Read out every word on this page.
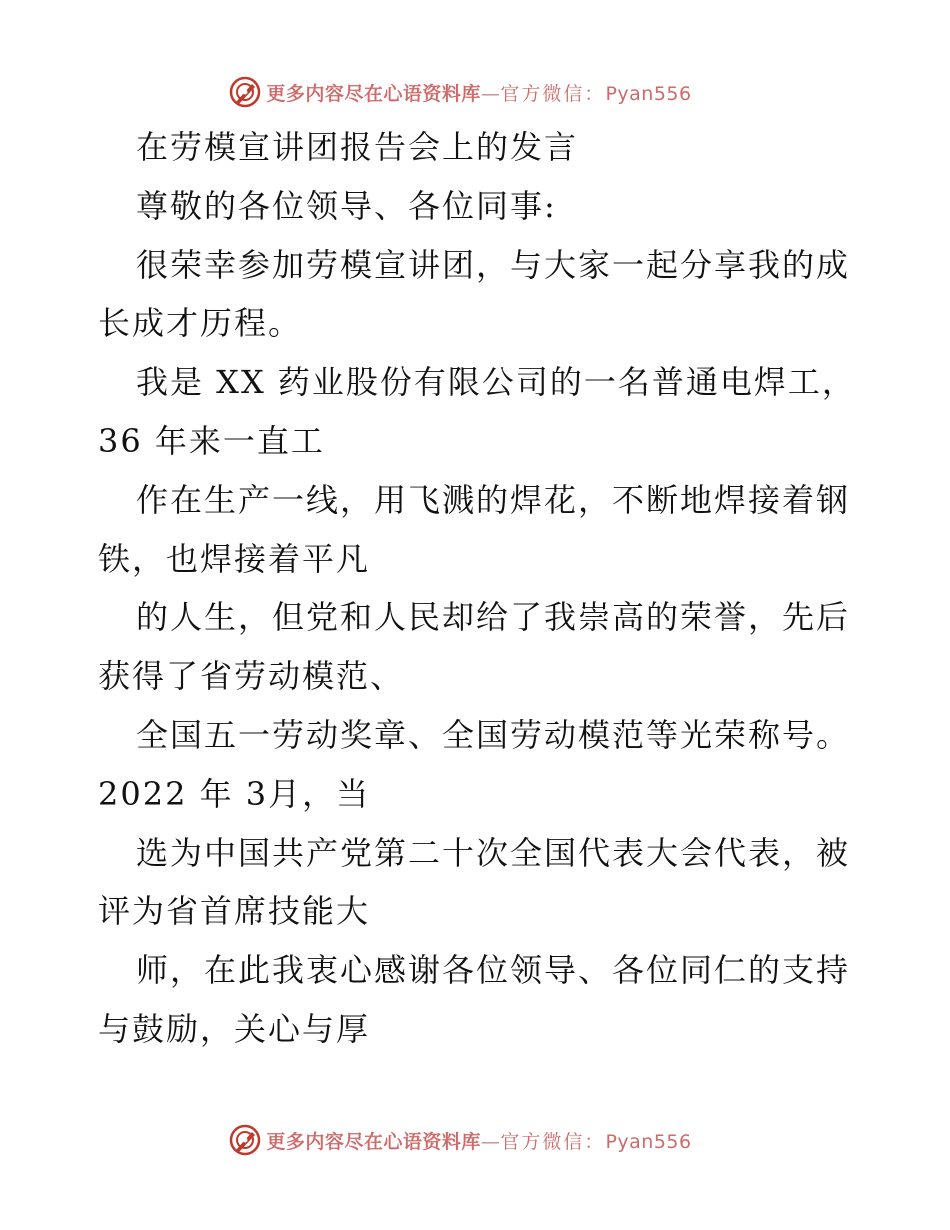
更多内容尽在心语资料库—官方微信：Pyan556
在劳模宣讲团报告会上的发言
尊敬的各位领导、各位同事:
很荣幸参加劳模宣讲团，与大家一起分享我的成
长成才历程。
我是 XX 药业股份有限公司的一名普通电焊工，
36 年来一直工
作在生产一线，用飞溅的焊花，不断地焊接着钢
铁，也焊接着平凡
的人生，但党和人民却给了我崇高的荣誉，先后
获得了省劳动模范、
全国五一劳动奖章、全国劳动模范等光荣称号。
2022 年 3月，当
选为中国共产党第二十次全国代表大会代表，被
评为省首席技能大
师，在此我衷心感谢各位领导、各位同仁的支持
与鼓励，关心与厚
更多内容尽在心语资料库—官方微信：Pyan556
